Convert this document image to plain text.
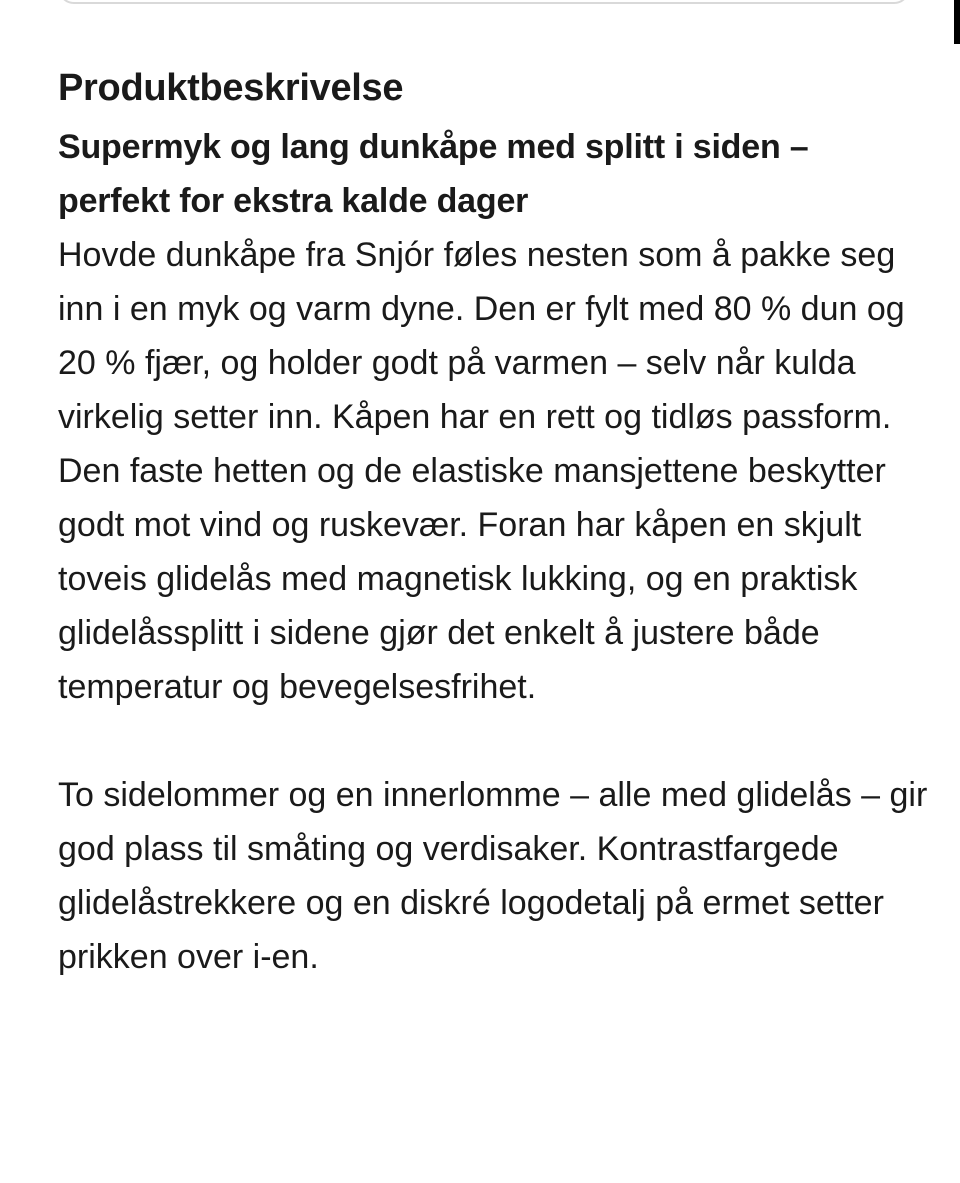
Produktbeskrivelse

Supermyk og lang dunkåpe med splitt i siden – perfekt for ekstra kalde dager

Hovde dunkåpe fra Snjór føles nesten som å pakke seg inn i en myk og varm dyne. Den er fylt med 80 % dun og 20 % fjær, og holder godt på varmen – selv når kulda virkelig setter inn. Kåpen har en rett og tidløs passform.

Den faste hetten og de elastiske mansjettene beskytter godt mot vind og ruskevær. Foran har kåpen en skjult toveis glidelås med magnetisk lukking, og en praktisk glidelåssplitt i sidene gjør det enkelt å justere både temperatur og bevegelsesfrihet.

To sidelommer og en innerlomme – alle med glidelås – gir god plass til småting og verdisaker. Kontrastfargede glidelåstrekkere og en diskré logodetalj på ermet setter prikken over i-en.
